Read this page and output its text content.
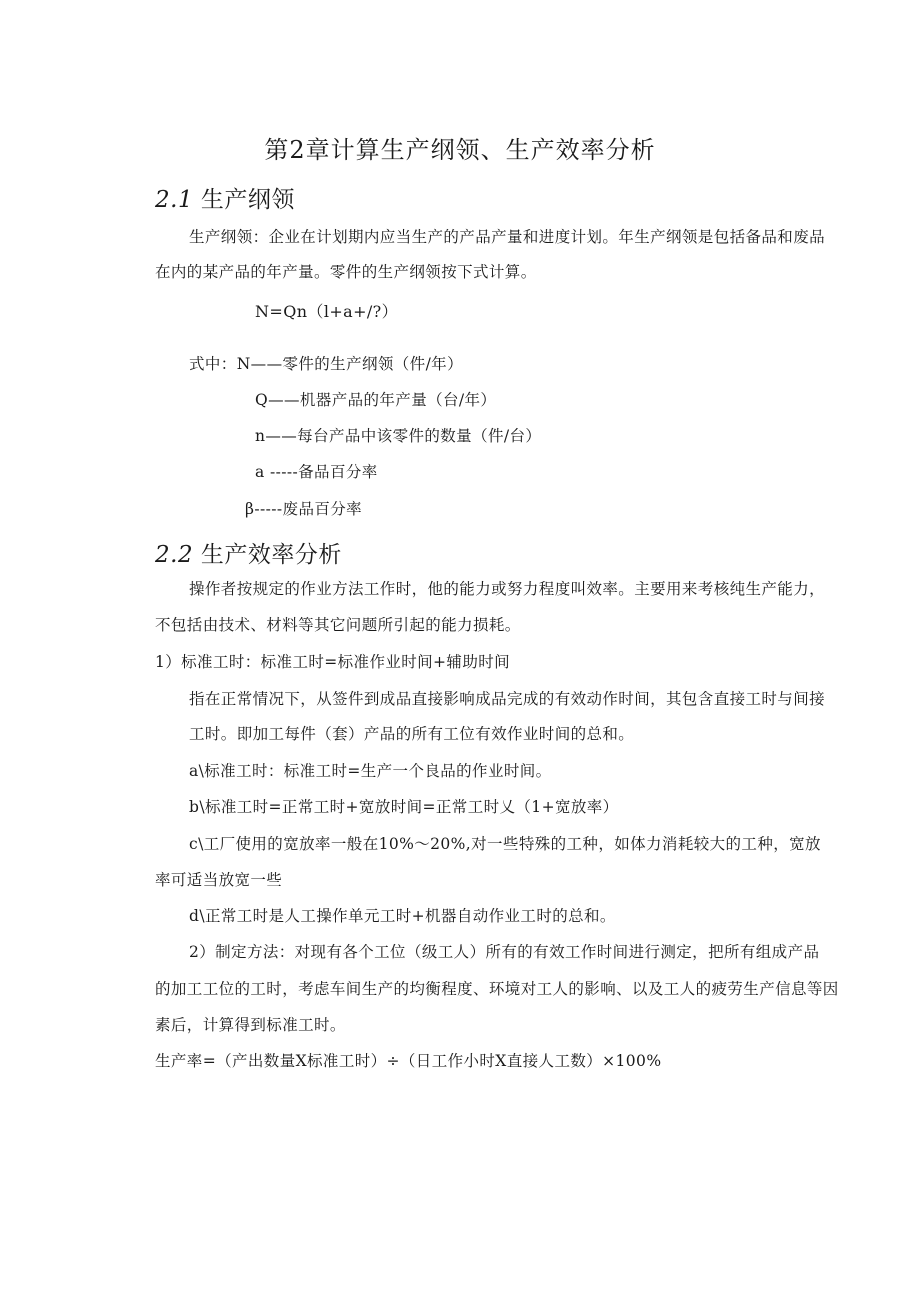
第2章计算生产纲领、生产效率分析
2.1 生产纲领
生产纲领：企业在计划期内应当生产的产品产量和进度计划。年生产纲领是包括备品和废品
在内的某产品的年产量。零件的生产纲领按下式计算。
N=Qn（l+a+/?）
式中：N——零件的生产纲领（件/年）
Q——机器产品的年产量（台/年）
n——每台产品中该零件的数量（件/台）
a -----备品百分率
β-----废品百分率
2.2 生产效率分析
操作者按规定的作业方法工作时，他的能力或努力程度叫效率。主要用来考核纯生产能力，
不包括由技术、材料等其它问题所引起的能力损耗。
1）标准工时：标准工时=标准作业时间+辅助时间
指在正常情况下，从签件到成品直接影响成品完成的有效动作时间，其包含直接工时与间接
工时。即加工每件（套）产品的所有工位有效作业时间的总和。
a\标准工时：标准工时=生产一个良品的作业时间。
b\标准工时=正常工时+宽放时间=正常工时乂（1+宽放率）
c\工厂使用的宽放率一般在10%～20%,对一些特殊的工种，如体力消耗较大的工种，宽放
率可适当放宽一些
d\正常工时是人工操作单元工时+机器自动作业工时的总和。
2）制定方法：对现有各个工位（级工人）所有的有效工作时间进行测定，把所有组成产品
的加工工位的工时，考虑车间生产的均衡程度、环境对工人的影响、以及工人的疲劳生产信息等因
素后，计算得到标准工时。
生产率=（产出数量X标准工时）÷（日工作小时X直接人工数）×100%
